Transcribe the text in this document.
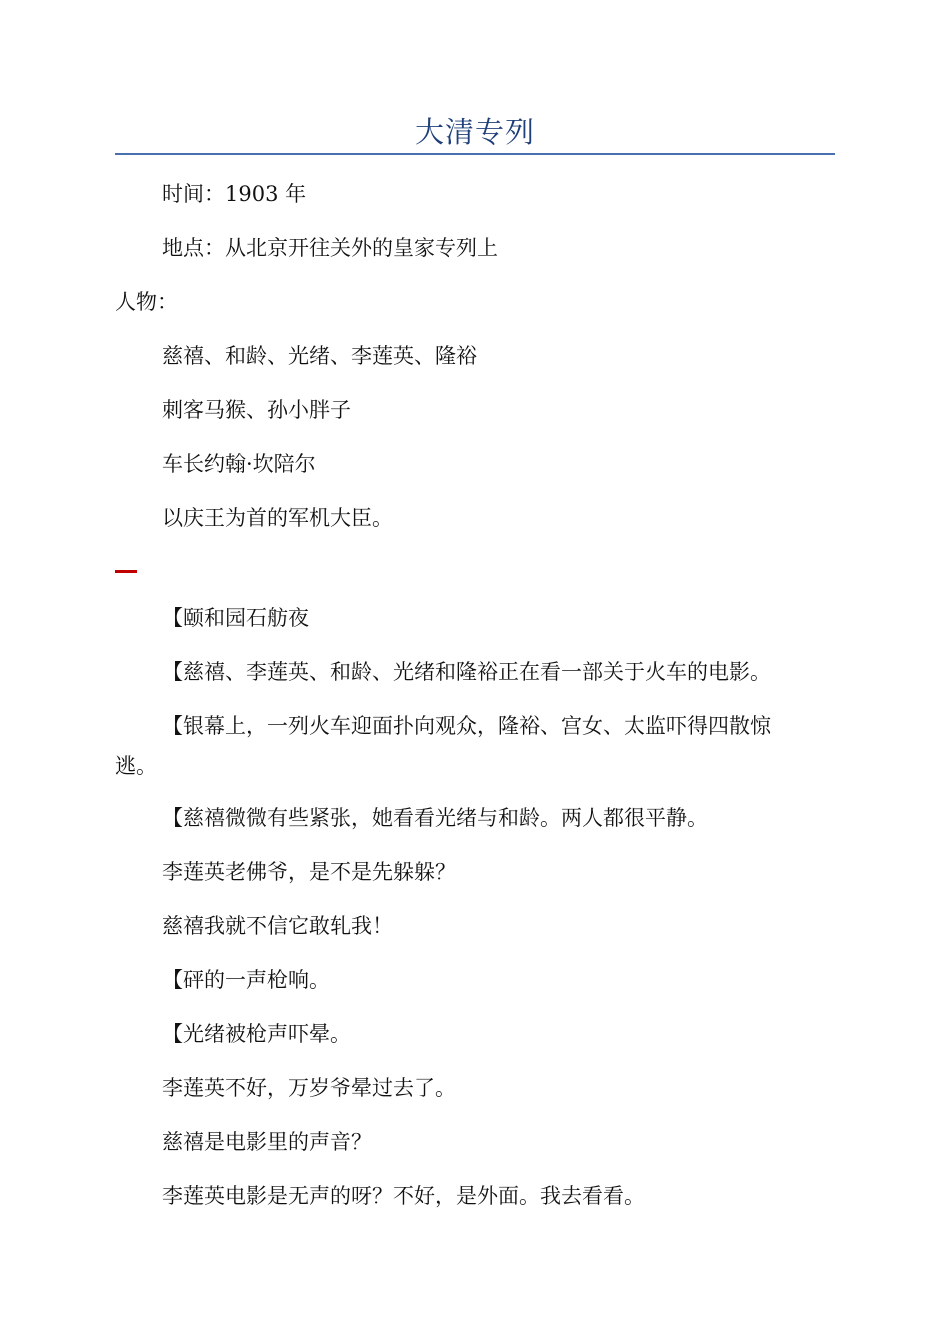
大清专列
时间：1903 年
地点：从北京开往关外的皇家专列上
人物：
慈禧、和龄、光绪、李莲英、隆裕
刺客马猴、孙小胖子
车长约翰·坎陪尔
以庆王为首的军机大臣。
【颐和园石舫夜
【慈禧、李莲英、和龄、光绪和隆裕正在看一部关于火车的电影。
【银幕上，一列火车迎面扑向观众，隆裕、宫女、太监吓得四散惊
逃。
【慈禧微微有些紧张，她看看光绪与和龄。两人都很平静。
李莲英老佛爷，是不是先躲躲？
慈禧我就不信它敢轧我！
【砰的一声枪响。
【光绪被枪声吓晕。
李莲英不好，万岁爷晕过去了。
慈禧是电影里的声音？
李莲英电影是无声的呀？不好，是外面。我去看看。
